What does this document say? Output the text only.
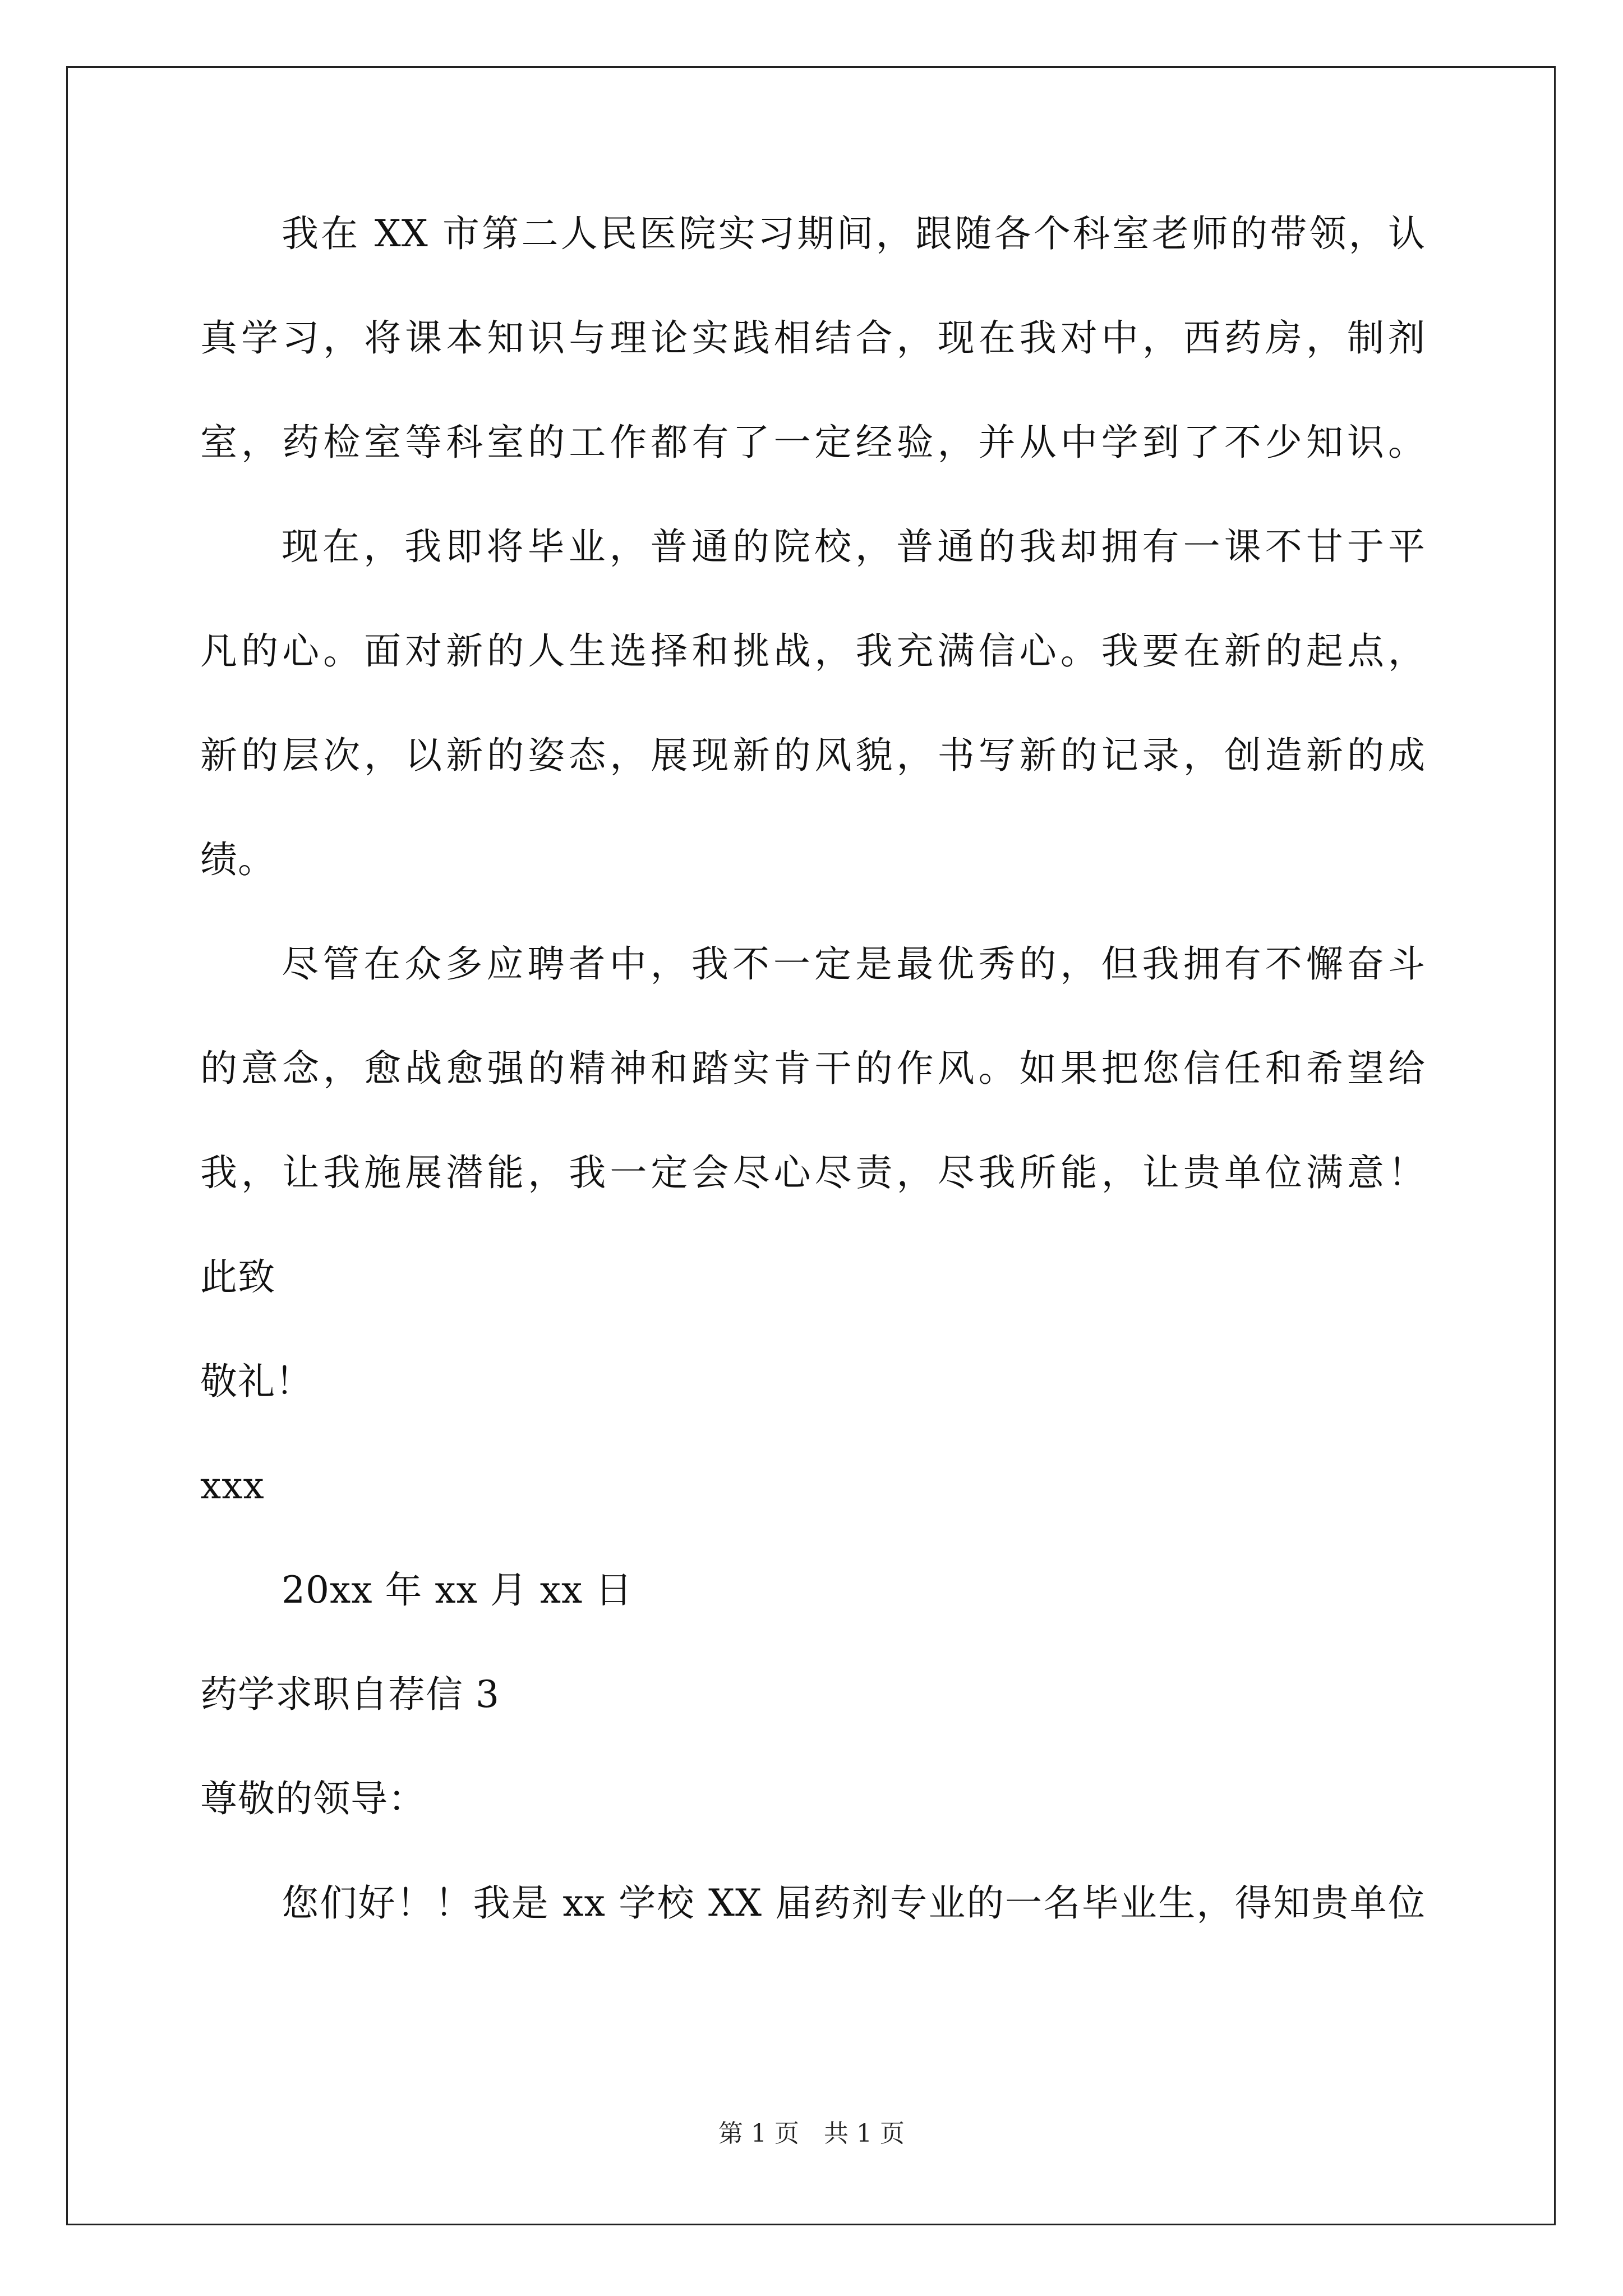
我在 XX 市第二人民医院实习期间，跟随各个科室老师的带领，认
真学习，将课本知识与理论实践相结合，现在我对中，西药房，制剂
室，药检室等科室的工作都有了一定经验，并从中学到了不少知识。
现在，我即将毕业，普通的院校，普通的我却拥有一课不甘于平
凡的心。面对新的人生选择和挑战，我充满信心。我要在新的起点，
新的层次，以新的姿态，展现新的风貌，书写新的记录，创造新的成
绩。
尽管在众多应聘者中，我不一定是最优秀的，但我拥有不懈奋斗
的意念，愈战愈强的精神和踏实肯干的作风。如果把您信任和希望给
我，让我施展潜能，我一定会尽心尽责，尽我所能，让贵单位满意！
此致
敬礼！
xxx
20xx 年 xx 月 xx 日
药学求职自荐信 3
尊敬的领导：
您们好！！我是 xx 学校 XX 届药剂专业的一名毕业生，得知贵单位
第 1 页　共 1 页
